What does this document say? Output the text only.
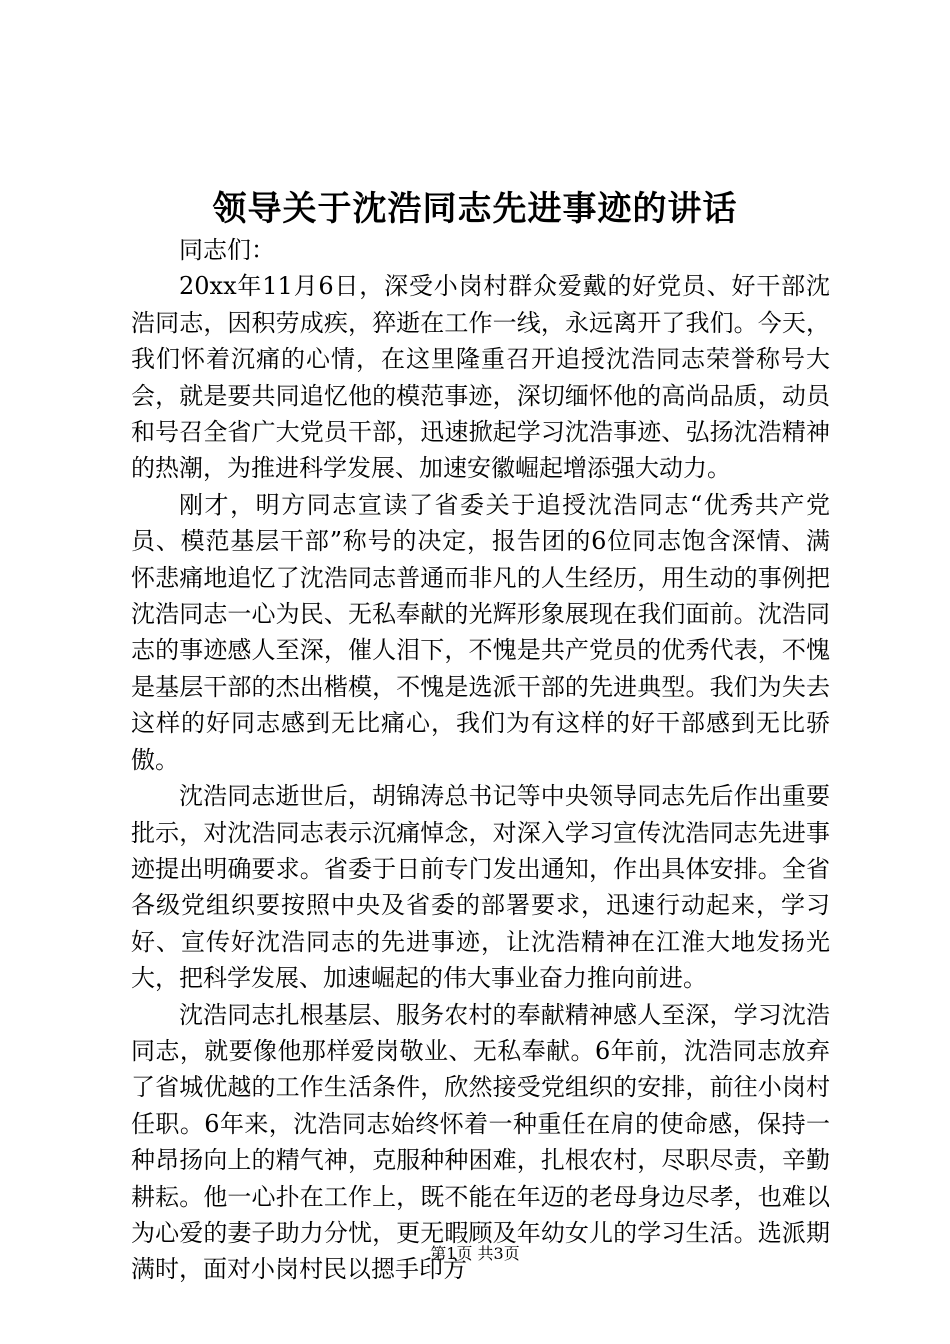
领导关于沈浩同志先进事迹的讲话

同志们：

20xx年11月6日，深受小岗村群众爱戴的好党员、好干部沈浩同志，因积劳成疾，猝逝在工作一线，永远离开了我们。今天，我们怀着沉痛的心情，在这里隆重召开追授沈浩同志荣誉称号大会，就是要共同追忆他的模范事迹，深切缅怀他的高尚品质，动员和号召全省广大党员干部，迅速掀起学习沈浩事迹、弘扬沈浩精神的热潮，为推进科学发展、加速安徽崛起增添强大动力。

刚才，明方同志宣读了省委关于追授沈浩同志“优秀共产党员、模范基层干部”称号的决定，报告团的6位同志饱含深情、满怀悲痛地追忆了沈浩同志普通而非凡的人生经历，用生动的事例把沈浩同志一心为民、无私奉献的光辉形象展现在我们面前。沈浩同志的事迹感人至深，催人泪下，不愧是共产党员的优秀代表，不愧是基层干部的杰出楷模，不愧是选派干部的先进典型。我们为失去这样的好同志感到无比痛心，我们为有这样的好干部感到无比骄傲。

沈浩同志逝世后，胡锦涛总书记等中央领导同志先后作出重要批示，对沈浩同志表示沉痛悼念，对深入学习宣传沈浩同志先进事迹提出明确要求。省委于日前专门发出通知，作出具体安排。全省各级党组织要按照中央及省委的部署要求，迅速行动起来，学习好、宣传好沈浩同志的先进事迹，让沈浩精神在江淮大地发扬光大，把科学发展、加速崛起的伟大事业奋力推向前进。

沈浩同志扎根基层、服务农村的奉献精神感人至深，学习沈浩同志，就要像他那样爱岗敬业、无私奉献。6年前，沈浩同志放弃了省城优越的工作生活条件，欣然接受党组织的安排，前往小岗村任职。6年来，沈浩同志始终怀着一种重任在肩的使命感，保持一种昂扬向上的精气神，克服种种困难，扎根农村，尽职尽责，辛勤耕耘。他一心扑在工作上，既不能在年迈的老母身边尽孝，也难以为心爱的妻子助力分忧，更无暇顾及年幼女儿的学习生活。选派期满时，面对小岗村民以摁手印方

第1页 共3页
